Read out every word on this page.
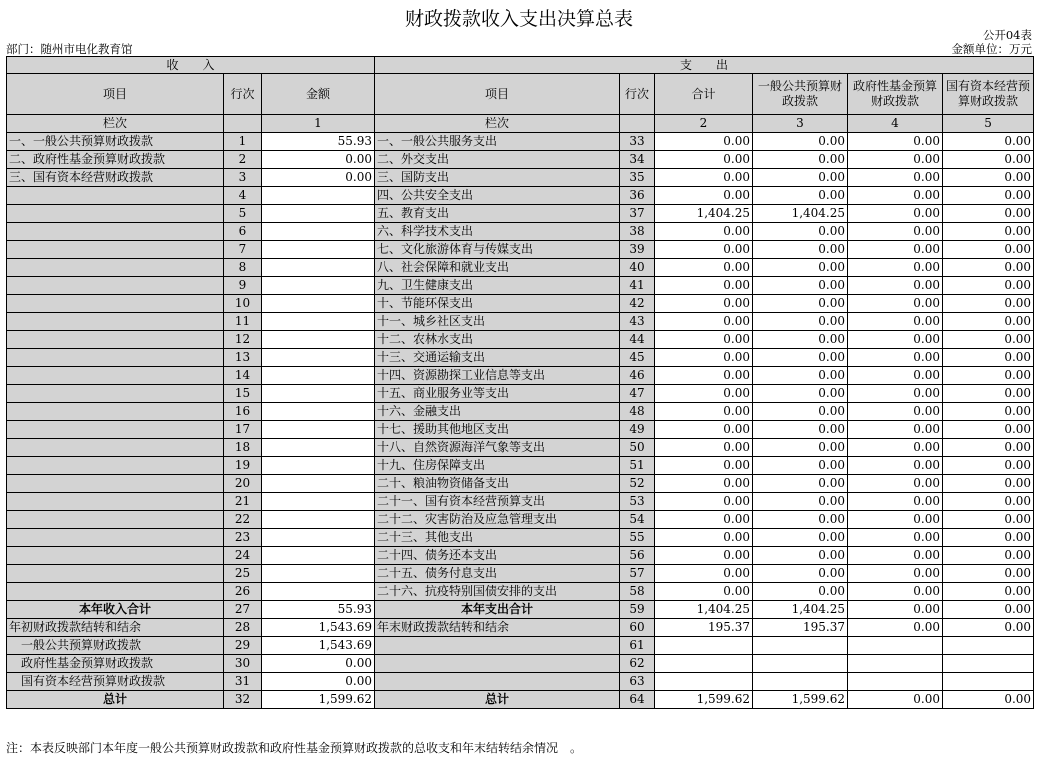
财政拨款收入支出决算总表
公开04表
部门：随州市电化教育馆	金额单位：万元
收　　入			支　　出					
项目	行次	金额	项目	行次	合计	一般公共预算财政拨款	政府性基金预算财政拨款	国有资本经营预算财政拨款
栏次		1	栏次		2	3	4	5
一、一般公共预算财政拨款	1	55.93	一、一般公共服务支出	33	0.00	0.00	0.00	0.00
二、政府性基金预算财政拨款	2	0.00	二、外交支出	34	0.00	0.00	0.00	0.00
三、国有资本经营财政拨款	3	0.00	三、国防支出	35	0.00	0.00	0.00	0.00
	4		四、公共安全支出	36	0.00	0.00	0.00	0.00
	5		五、教育支出	37	1,404.25	1,404.25	0.00	0.00
	6		六、科学技术支出	38	0.00	0.00	0.00	0.00
	7		七、文化旅游体育与传媒支出	39	0.00	0.00	0.00	0.00
	8		八、社会保障和就业支出	40	0.00	0.00	0.00	0.00
	9		九、卫生健康支出	41	0.00	0.00	0.00	0.00
	10		十、节能环保支出	42	0.00	0.00	0.00	0.00
	11		十一、城乡社区支出	43	0.00	0.00	0.00	0.00
	12		十二、农林水支出	44	0.00	0.00	0.00	0.00
	13		十三、交通运输支出	45	0.00	0.00	0.00	0.00
	14		十四、资源勘探工业信息等支出	46	0.00	0.00	0.00	0.00
	15		十五、商业服务业等支出	47	0.00	0.00	0.00	0.00
	16		十六、金融支出	48	0.00	0.00	0.00	0.00
	17		十七、援助其他地区支出	49	0.00	0.00	0.00	0.00
	18		十八、自然资源海洋气象等支出	50	0.00	0.00	0.00	0.00
	19		十九、住房保障支出	51	0.00	0.00	0.00	0.00
	20		二十、粮油物资储备支出	52	0.00	0.00	0.00	0.00
	21		二十一、国有资本经营预算支出	53	0.00	0.00	0.00	0.00
	22		二十二、灾害防治及应急管理支出	54	0.00	0.00	0.00	0.00
	23		二十三、其他支出	55	0.00	0.00	0.00	0.00
	24		二十四、债务还本支出	56	0.00	0.00	0.00	0.00
	25		二十五、债务付息支出	57	0.00	0.00	0.00	0.00
	26		二十六、抗疫特别国债安排的支出	58	0.00	0.00	0.00	0.00
本年收入合计	27	55.93	本年支出合计	59	1,404.25	1,404.25	0.00	0.00
年初财政拨款结转和结余	28	1,543.69	年末财政拨款结转和结余	60	195.37	195.37	0.00	0.00
一般公共预算财政拨款	29	1,543.69		61				
政府性基金预算财政拨款	30	0.00		62				
国有资本经营预算财政拨款	31	0.00		63				
总计	32	1,599.62	总计	64	1,599.62	1,599.62	0.00	0.00
注：本表反映部门本年度一般公共预算财政拨款和政府性基金预算财政拨款的总收支和年末结转结余情况　。
